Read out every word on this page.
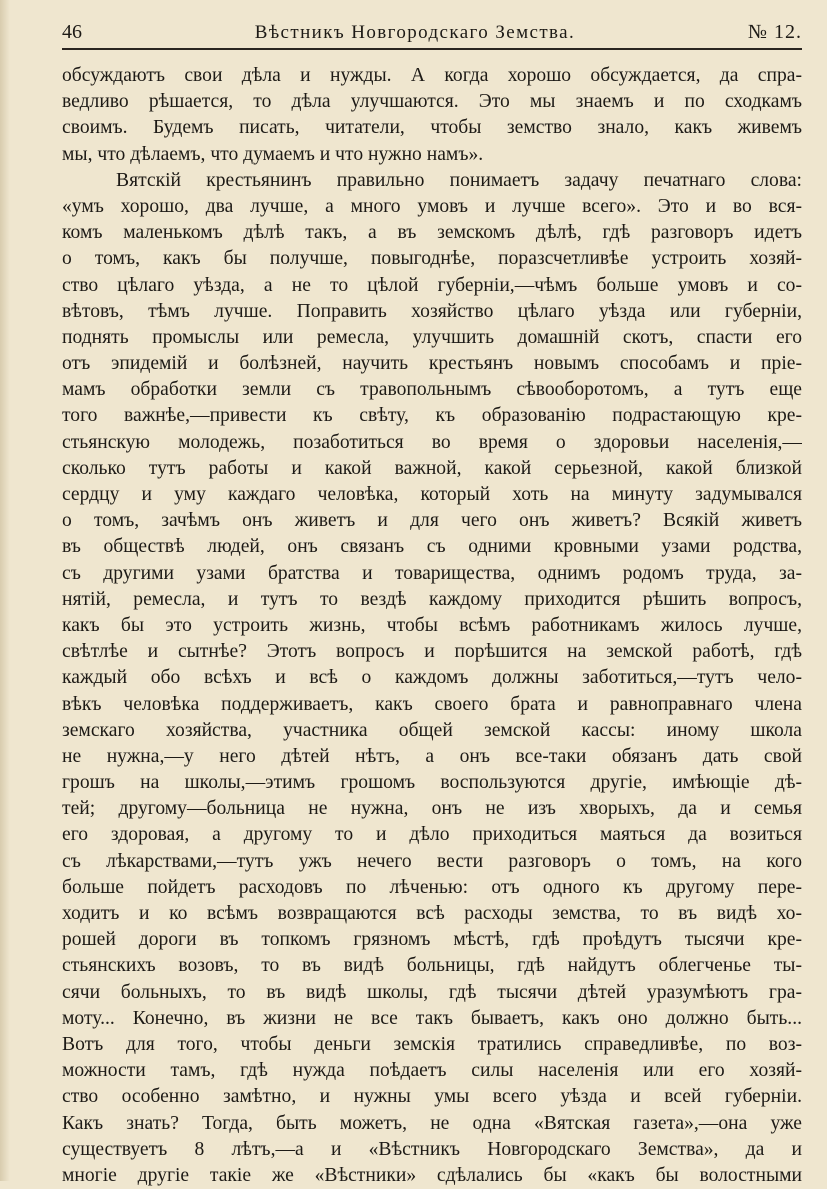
46	Вѣстникъ Новгородскаго Земства.	№ 12.
обсуждаютъ свои дѣла и нужды. А когда хорошо обсуждается, да спра-
ведливо рѣшается, то дѣла улучшаются. Это мы знаемъ и по сходкамъ
своимъ. Будемъ писать, читатели, чтобы земство знало, какъ живемъ
мы, что дѣлаемъ, что думаемъ и что нужно намъ».
Вятскій крестьянинъ правильно понимаетъ задачу печатнаго слова:
«умъ хорошо, два лучше, а много умовъ и лучше всего». Это и во вся-
комъ маленькомъ дѣлѣ такъ, а въ земскомъ дѣлѣ, гдѣ разговоръ идетъ
о томъ, какъ бы получше, повыгоднѣе, поразсчетливѣе устроить хозяй-
ство цѣлаго уѣзда, а не то цѣлой губерніи,—чѣмъ больше умовъ и со-
вѣтовъ, тѣмъ лучше. Поправить хозяйство цѣлаго уѣзда или губерніи,
поднять промыслы или ремесла, улучшить домашній скотъ, спасти его
отъ эпидемій и болѣзней, научить крестьянъ новымъ способамъ и прiе-
мамъ обработки земли съ травопольнымъ сѣвооборотомъ, а тутъ еще
того важнѣе,—привести къ свѣту, къ образованію подрастающую кре-
стьянскую молодежь, позаботиться во время о здоровьи населенія,—
сколько тутъ работы и какой важной, какой серьезной, какой близкой
сердцу и уму каждаго человѣка, который хоть на минуту задумывался
о томъ, зачѣмъ онъ живетъ и для чего онъ живетъ? Всякій живетъ
въ обществѣ людей, онъ связанъ съ одними кровными узами родства,
съ другими узами братства и товарищества, однимъ родомъ труда, за-
нятій, ремесла, и тутъ то вездѣ каждому приходится рѣшить вопросъ,
какъ бы это устроить жизнь, чтобы всѣмъ работникамъ жилось лучше,
свѣтлѣе и сытнѣе? Этотъ вопросъ и порѣшится на земской работѣ, гдѣ
каждый обо всѣхъ и всѣ о каждомъ должны заботиться,—тутъ чело-
вѣкъ человѣка поддерживаетъ, какъ своего брата и равноправнаго члена
земскаго хозяйства, участника общей земской кассы: иному школа
не нужна,—у него дѣтей нѣтъ, а онъ все-таки обязанъ дать свой
грошъ на школы,—этимъ грошомъ воспользуются другіе, имѣющіе дѣ-
тей; другому—больница не нужна, онъ не изъ хворыхъ, да и семья
его здоровая, а другому то и дѣло приходиться маяться да возиться
съ лѣкарствами,—тутъ ужъ нечего вести разговоръ о томъ, на кого
больше пойдетъ расходовъ по лѣченью: отъ одного къ другому пере-
ходитъ и ко всѣмъ возвращаются всѣ расходы земства, то въ видѣ хо-
рошей дороги въ топкомъ грязномъ мѣстѣ, гдѣ проѣдутъ тысячи кре-
стьянскихъ возовъ, то въ видѣ больницы, гдѣ найдутъ облегченье ты-
сячи больныхъ, то въ видѣ школы, гдѣ тысячи дѣтей уразумѣютъ гра-
моту... Конечно, въ жизни не все такъ бываетъ, какъ оно должно быть...
Вотъ для того, чтобы деньги земскія тратились справедливѣе, по воз-
можности тамъ, гдѣ нужда поѣдаетъ силы населенія или его хозяй-
ство особенно замѣтно, и нужны умы всего уѣзда и всей губерніи.
Какъ знать? Тогда, быть можетъ, не одна «Вятская газета»,—она уже
существуетъ 8 лѣтъ,—а и «Вѣстникъ Новгородскаго Земства», да и
многіе другіе такіе же «Вѣстники» сдѣлались бы «какъ бы волостными
